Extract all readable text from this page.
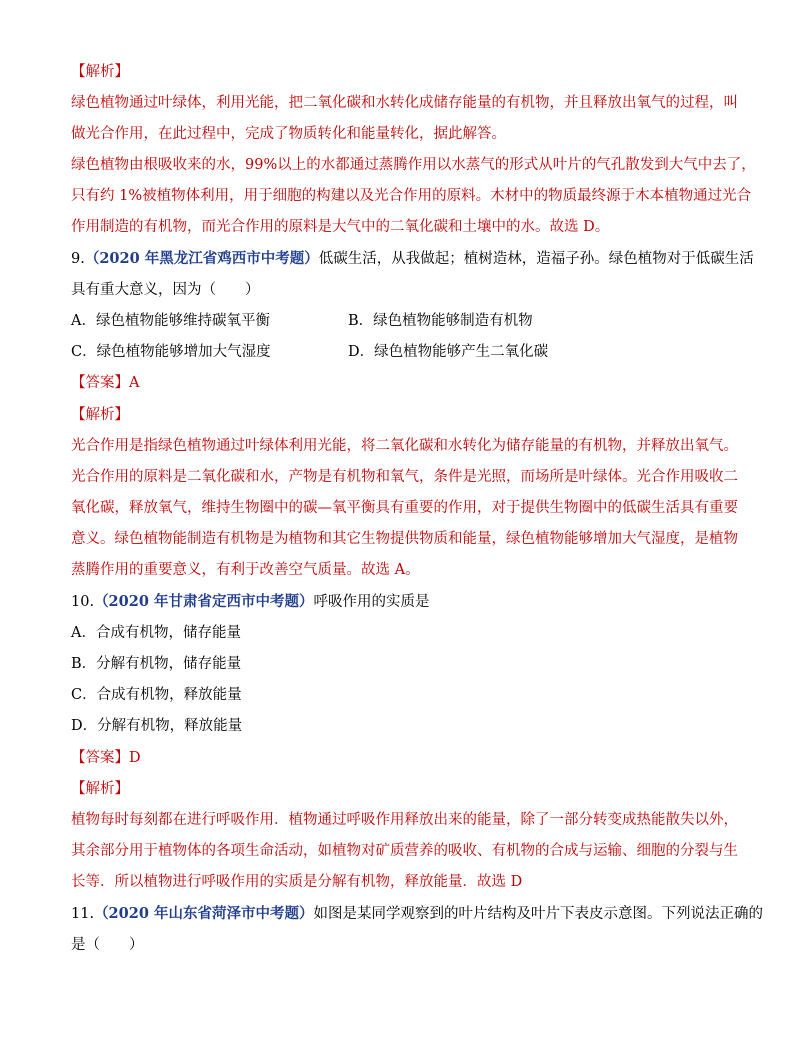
【解析】
绿色植物通过叶绿体，利用光能，把二氧化碳和水转化成储存能量的有机物，并且释放出氧气的过程，叫
做光合作用，在此过程中，完成了物质转化和能量转化，据此解答。
绿色植物由根吸收来的水，99%以上的水都通过蒸腾作用以水蒸气的形式从叶片的气孔散发到大气中去了，
只有约 1%被植物体利用，用于细胞的构建以及光合作用的原料。木材中的物质最终源于木本植物通过光合
作用制造的有机物，而光合作用的原料是大气中的二氧化碳和土壤中的水。故选 D。
9.（2020 年黑龙江省鸡西市中考题）低碳生活，从我做起；植树造林，造福子孙。绿色植物对于低碳生活
具有重大意义，因为（　　）
A．绿色植物能够维持碳氧平衡	B．绿色植物能够制造有机物
C．绿色植物能够增加大气湿度	D．绿色植物能够产生二氧化碳
【答案】A
【解析】
光合作用是指绿色植物通过叶绿体利用光能，将二氧化碳和水转化为储存能量的有机物，并释放出氧气。
光合作用的原料是二氧化碳和水，产物是有机物和氧气，条件是光照，而场所是叶绿体。光合作用吸收二
氧化碳，释放氧气，维持生物圈中的碳—氧平衡具有重要的作用，对于提供生物圈中的低碳生活具有重要
意义。绿色植物能制造有机物是为植物和其它生物提供物质和能量，绿色植物能够增加大气湿度，是植物
蒸腾作用的重要意义，有利于改善空气质量。故选 A。
10.（2020 年甘肃省定西市中考题）呼吸作用的实质是
A．合成有机物，储存能量
B．分解有机物，储存能量
C．合成有机物，释放能量
D．分解有机物，释放能量
【答案】D
【解析】
植物每时每刻都在进行呼吸作用．植物通过呼吸作用释放出来的能量，除了一部分转变成热能散失以外，
其余部分用于植物体的各项生命活动，如植物对矿质营养的吸收、有机物的合成与运输、细胞的分裂与生
长等．所以植物进行呼吸作用的实质是分解有机物，释放能量．故选 D
11.（2020 年山东省菏泽市中考题）如图是某同学观察到的叶片结构及叶片下表皮示意图。下列说法正确的
是（　　）
